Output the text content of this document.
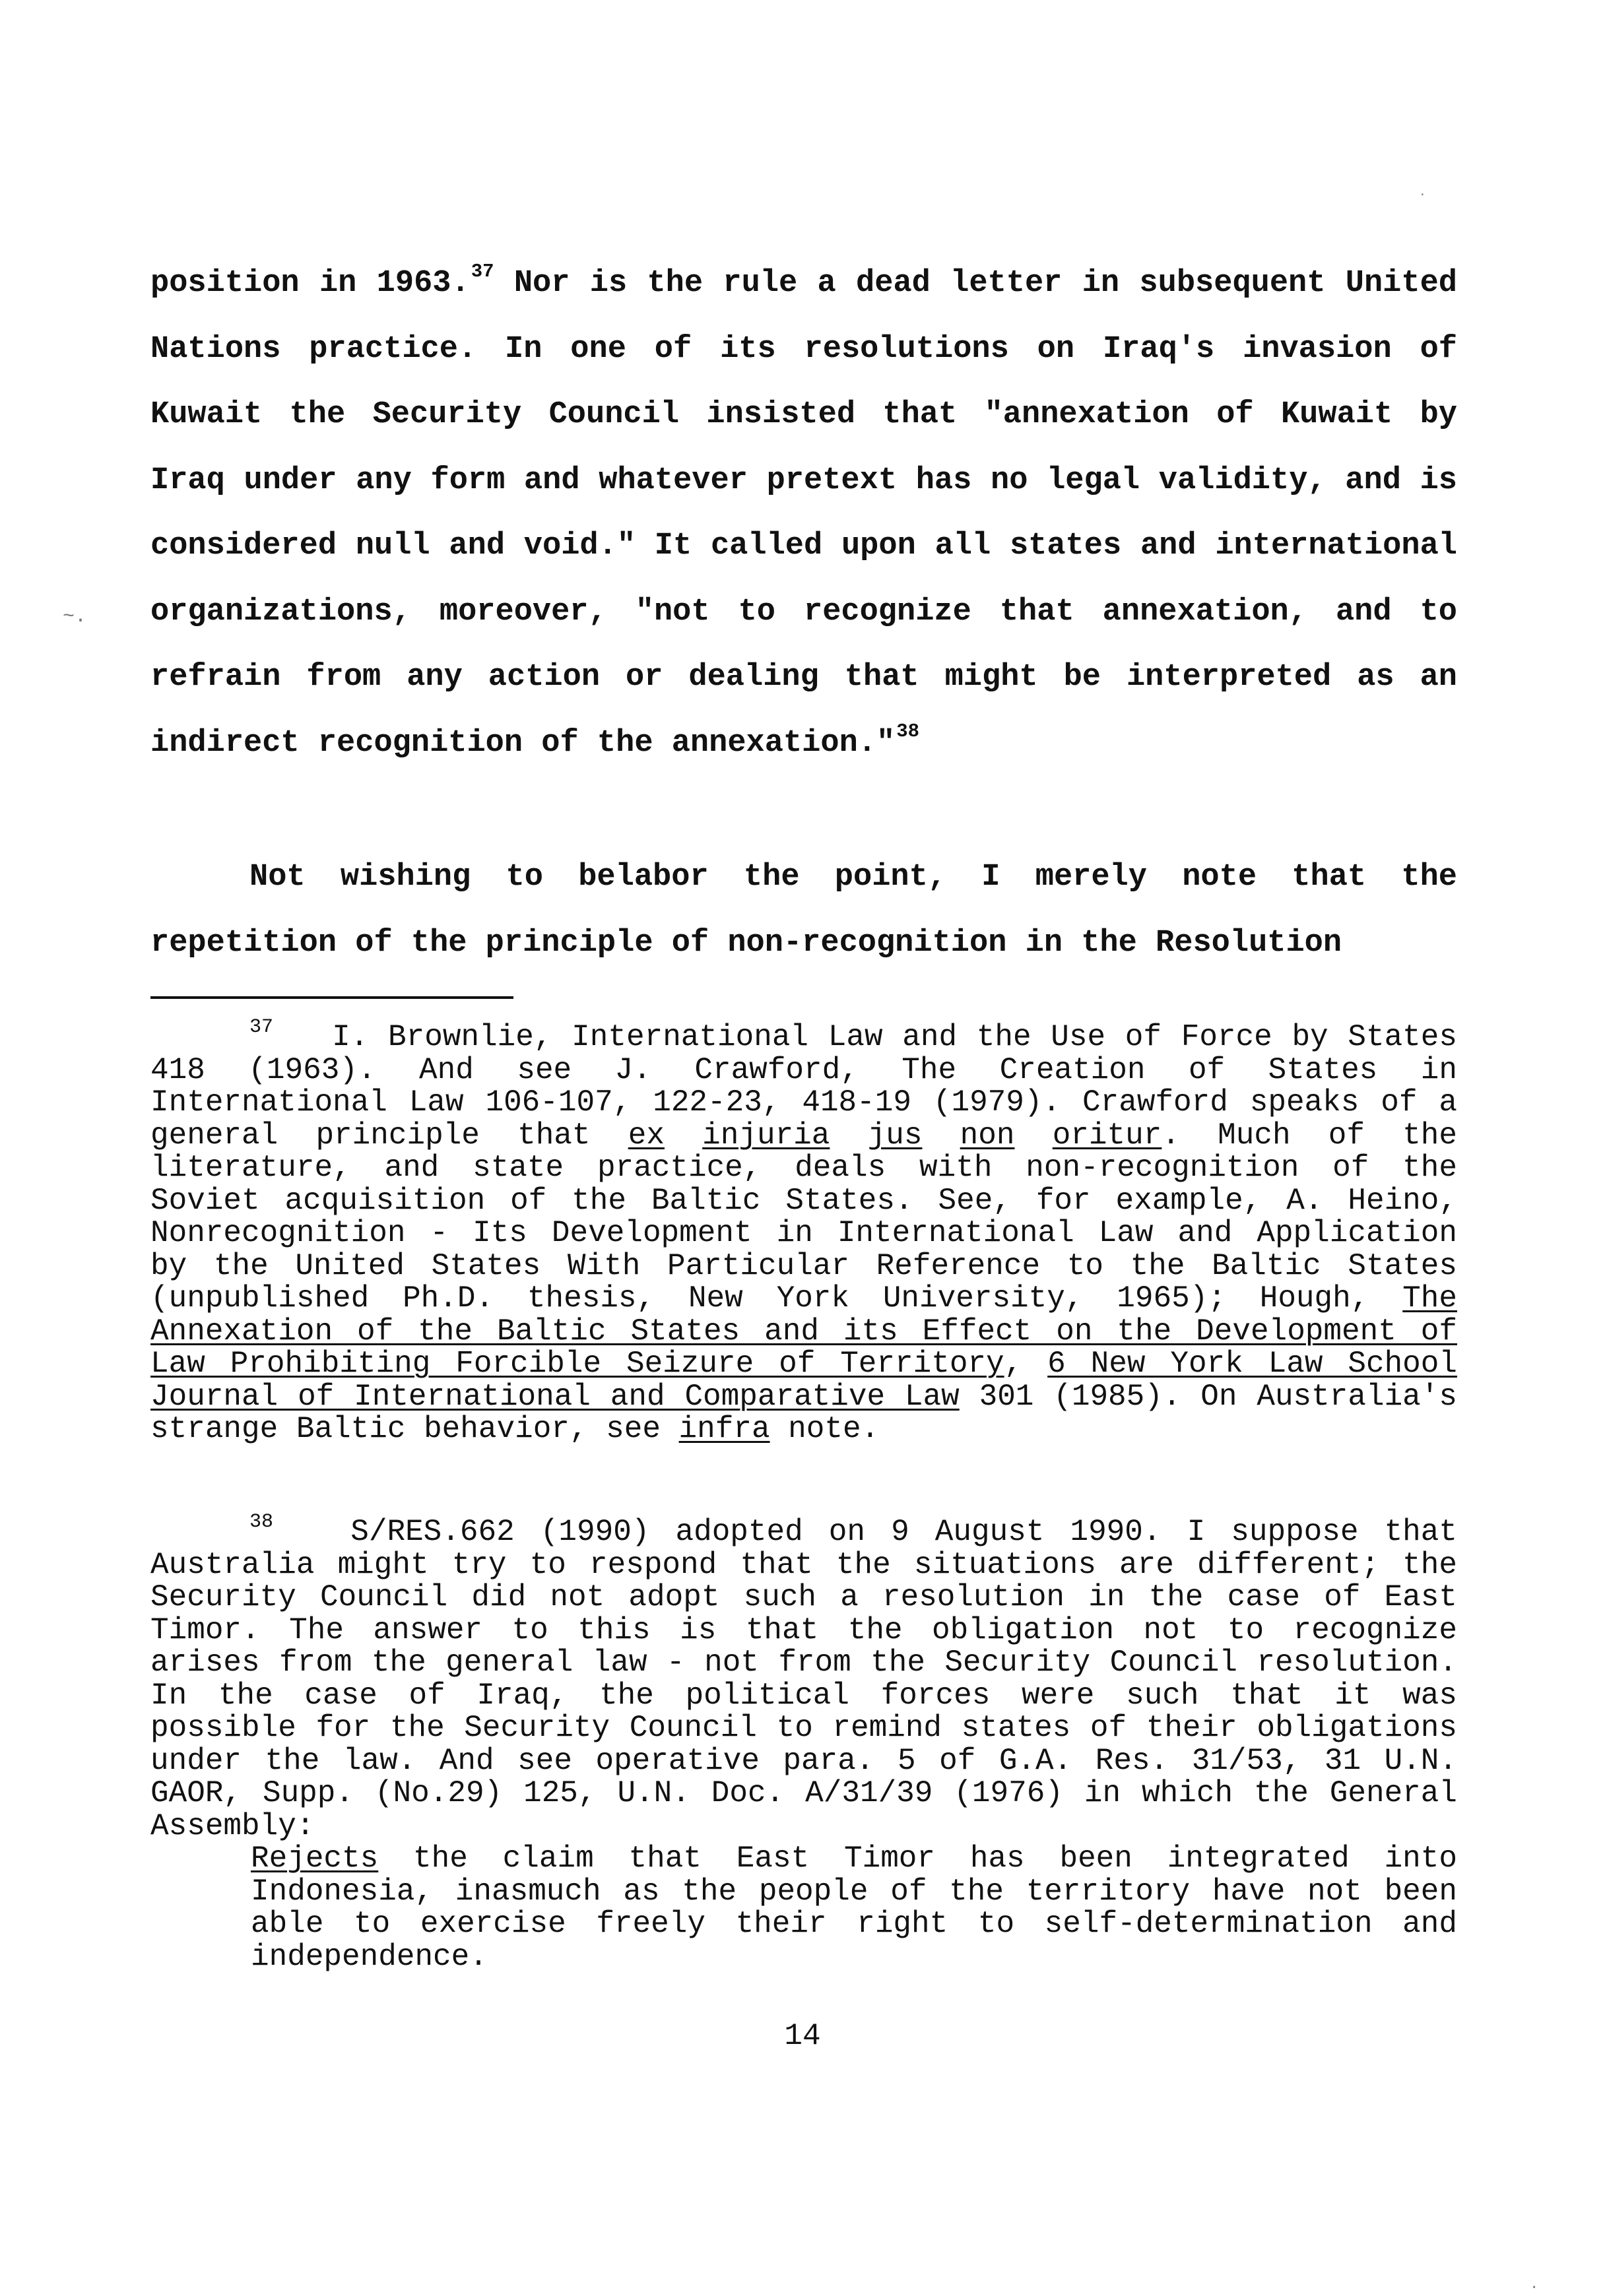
~.
.
.

position in 1963.37 Nor is the rule a dead letter in subsequent United Nations practice. In one of its resolutions on Iraq's invasion of Kuwait the Security Council insisted that "annexation of Kuwait by Iraq under any form and whatever pretext has no legal validity, and is considered null and void." It called upon all states and international organizations, moreover, "not to recognize that annexation, and to refrain from any action or dealing that might be interpreted as an indirect recognition of the annexation."$^{38}$

Not wishing to belabor the point, I merely note that the repetition of the principle of non-recognition in the Resolution

$^{37}$ I. Brownlie, International Law and the Use of Force by States 418 (1963). And see J. Crawford, The Creation of States in International Law 106-107, 122-23, 418-19 (1979). Crawford speaks of a general principle that ex injuria jus non oritur. Much of the literature, and state practice, deals with non-recognition of the Soviet acquisition of the Baltic States. See, for example, A. Heino, Nonrecognition - Its Development in International Law and Application by the United States With Particular Reference to the Baltic States (unpublished Ph.D. thesis, New York University, 1965); Hough, The Annexation of the Baltic States and its Effect on the Development of Law Prohibiting Forcible Seizure of Territory, 6 New York Law School Journal of International and Comparative Law 301 (1985). On Australia's strange Baltic behavior, see infra note.
$^{38}$	S/RES.662 (1990) adopted on 9 August 1990. I suppose that Australia might try to respond that the situations are different; the Security Council did not adopt such a resolution in the case of East Timor. The answer to this is that the obligation not to recognize arises from the general law - not from the Security Council resolution. In the case of Iraq, the political forces were such that it was possible for the Security Council to remind states of their obligations under the law. And see operative para. 5 of G.A. Res. 31/53, 31 U.N. GAOR, Supp. (No.29) 125, U.N. Doc. A/31/39 (1976) in which the General Assembly:
Rejects the claim that East Timor has been integrated into Indonesia, inasmuch as the people of the territory have not been able to exercise freely their right to self-determination and independence.
14
